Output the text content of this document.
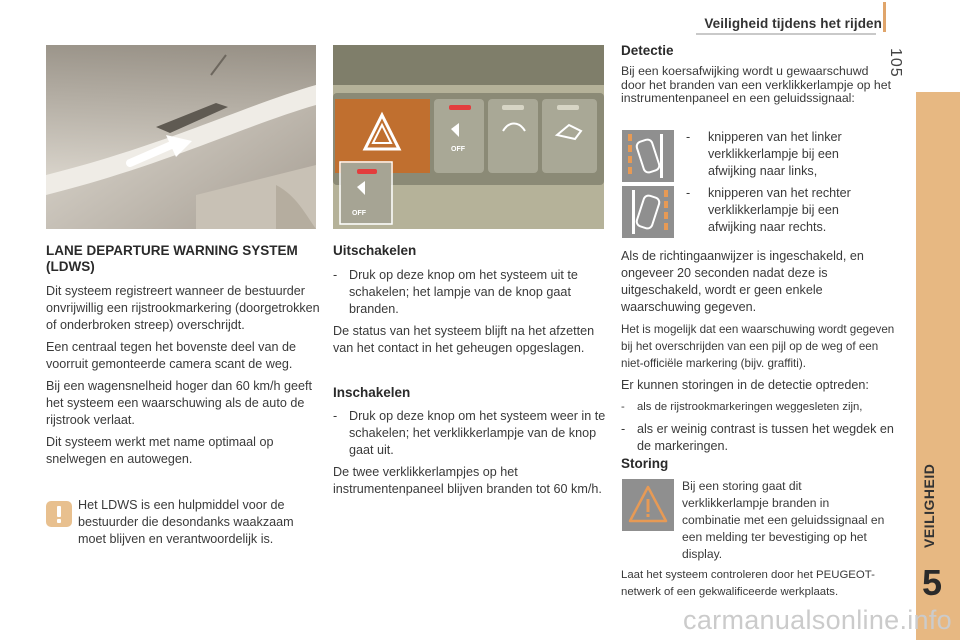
Veiligheid tijdens het rijden
105
VEILIGHEID
5
OFF
OFF
LANE DEPARTURE WARNING SYSTEM (LDWS)

Dit systeem registreert wanneer de bestuurder onvrijwillig een rijstrookmarkering (doorgetrokken of onderbroken streep) overschrijdt.

Een centraal tegen het bovenste deel van de voorruit gemonteerde camera scant de weg.

Bij een wagensnelheid hoger dan 60 km/h geeft het systeem een waarschuwing als de auto de rijstrook verlaat.

Dit systeem werkt met name optimaal op snelwegen en autowegen.

Het LDWS is een hulpmiddel voor de bestuurder die desondanks waakzaam moet blijven en verantwoordelijk is.
Uitschakelen

- Druk op deze knop om het systeem uit te schakelen; het lampje van de knop gaat branden.

De status van het systeem blijft na het afzetten van het contact in het geheugen opgeslagen.

Inschakelen

- Druk op deze knop om het systeem weer in te schakelen; het verklikkerlampje van de knop gaat uit.

De twee verklikkerlampjes op het instrumentenpaneel blijven branden tot 60 km/h.

Detectie
Bij een koersafwijking wordt u gewaarschuwd door het branden van een verklikkerlampje op het instrumentenpaneel en een geluidssignaal:

- knipperen van het linker verklikkerlampje bij een afwijking naar links,

- knipperen van het rechter verklikkerlampje bij een afwijking naar rechts.

Als de richtingaanwijzer is ingeschakeld, en ongeveer 20 seconden nadat deze is uitgeschakeld, wordt er geen enkele waarschuwing gegeven.

Het is mogelijk dat een waarschuwing wordt gegeven bij het overschrijden van een pijl op de weg of een niet-officiële markering (bijv. graffiti).

Er kunnen storingen in de detectie optreden:

- als de rijstrookmarkeringen weggesleten zijn,

- als er weinig contrast is tussen het wegdek en de markeringen.

Storing
Bij een storing gaat dit verklikkerlampje branden in combinatie met een geluidssignaal en een melding ter bevestiging op het display.
Laat het systeem controleren door het PEUGEOT-netwerk of een gekwalificeerde werkplaats.
carmanualsonline.info
